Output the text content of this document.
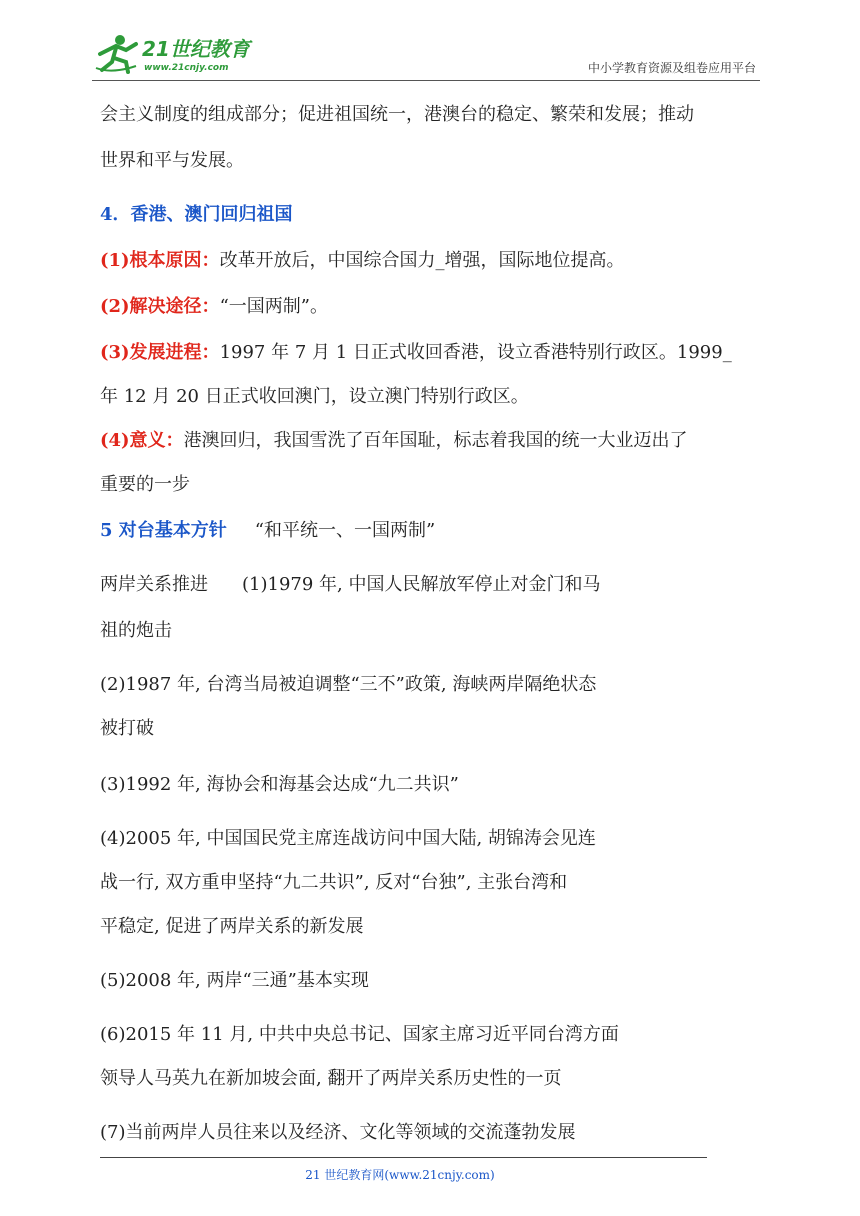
21世纪教育
www.21cnjy.com	中小学教育资源及组卷应用平台
会主义制度的组成部分；促进祖国统一，港澳台的稳定、繁荣和发展；推动
世界和平与发展。
4．香港、澳门回归祖国
(1)根本原因：改革开放后，中国综合国力_增强，国际地位提高。
(2)解决途径：“一国两制”。
(3)发展进程：1997 年 7 月 1 日正式收回香港，设立香港特别行政区。1999_
年 12 月 20 日正式收回澳门，设立澳门特别行政区。
(4)意义：港澳回归，我国雪洗了百年国耻，标志着我国的统一大业迈出了
重要的一步
5 对台基本方针 “和平统一、一国两制”
两岸关系推进 (1)1979 年, 中国人民解放军停止对金门和马
祖的炮击
(2)1987 年, 台湾当局被迫调整“三不”政策, 海峡两岸隔绝状态
被打破
(3)1992 年, 海协会和海基会达成“九二共识”
(4)2005 年, 中国国民党主席连战访问中国大陆, 胡锦涛会见连
战一行, 双方重申坚持“九二共识”, 反对“台独”, 主张台湾和
平稳定, 促进了两岸关系的新发展
(5)2008 年, 两岸“三通”基本实现
(6)2015 年 11 月, 中共中央总书记、国家主席习近平同台湾方面
领导人马英九在新加坡会面, 翻开了两岸关系历史性的一页
(7)当前两岸人员往来以及经济、文化等领域的交流蓬勃发展
21 世纪教育网(www.21cnjy.com)
